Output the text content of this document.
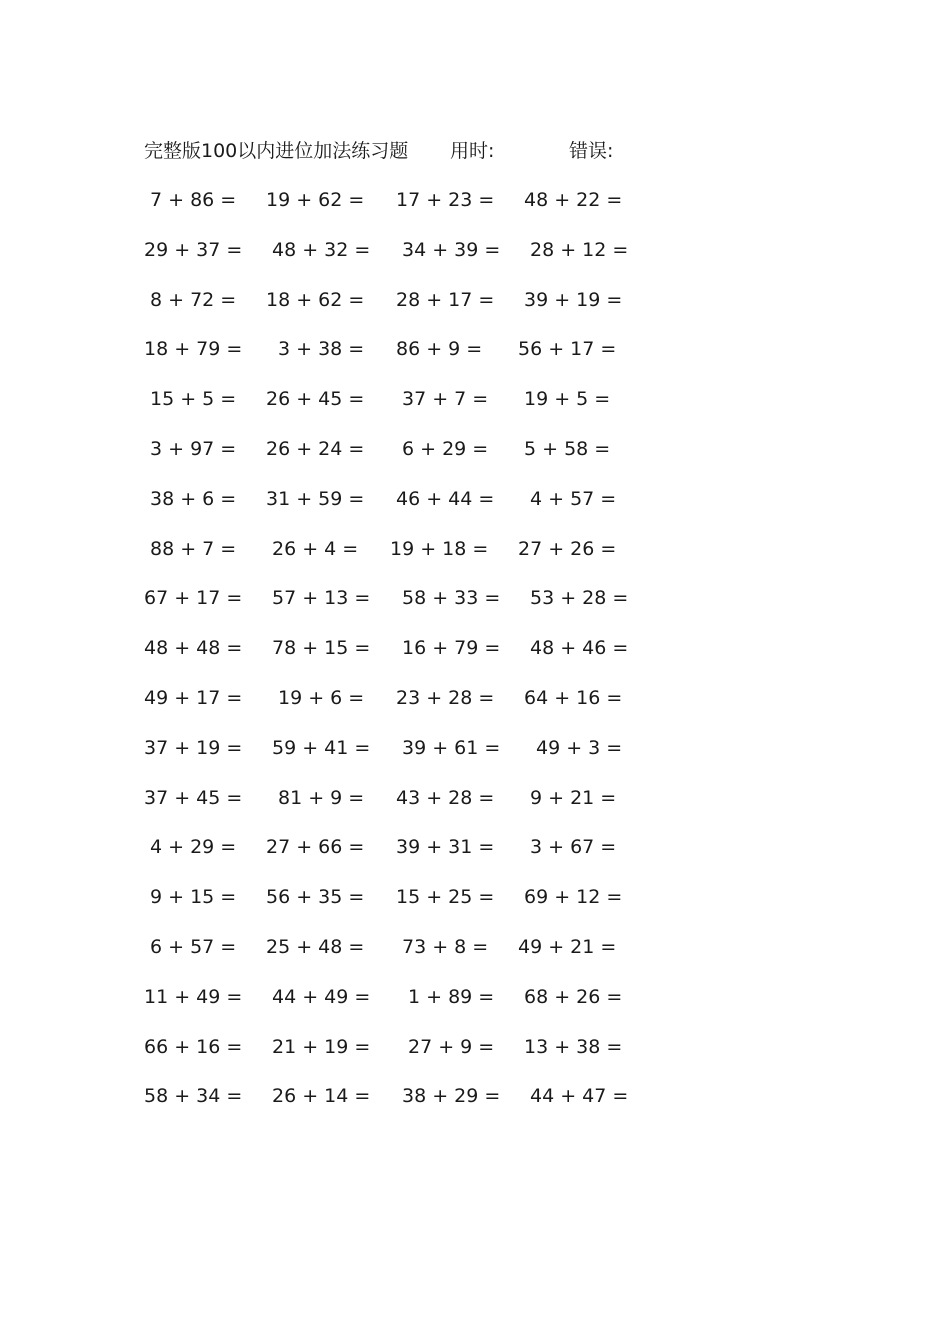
完整版100以内进位加法练习题 用时:	错误:
7 + 86 = 19 + 62 = 17 + 23 = 48 + 22 =
29 + 37 = 48 + 32 = 34 + 39 = 28 + 12 =
8 + 72 = 18 + 62 = 28 + 17 = 39 + 19 =
18 + 79 = 3 + 38 = 86 + 9 = 56 + 17 =
15 + 5 = 26 + 45 = 37 + 7 = 19 + 5 =
3 + 97 = 26 + 24 = 6 + 29 = 5 + 58 =
38 + 6 = 31 + 59 = 46 + 44 = 4 + 57 =
88 + 7 = 26 + 4 = 19 + 18 = 27 + 26 =
67 + 17 = 57 + 13 = 58 + 33 = 53 + 28 =
48 + 48 = 78 + 15 = 16 + 79 = 48 + 46 =
49 + 17 = 19 + 6 = 23 + 28 = 64 + 16 =
37 + 19 = 59 + 41 = 39 + 61 = 49 + 3 =
37 + 45 = 81 + 9 = 43 + 28 = 9 + 21 =
4 + 29 = 27 + 66 = 39 + 31 = 3 + 67 =
9 + 15 = 56 + 35 = 15 + 25 = 69 + 12 =
6 + 57 = 25 + 48 = 73 + 8 = 49 + 21 =
11 + 49 = 44 + 49 = 1 + 89 = 68 + 26 =
66 + 16 = 21 + 19 = 27 + 9 = 13 + 38 =
58 + 34 = 26 + 14 = 38 + 29 = 44 + 47 =
